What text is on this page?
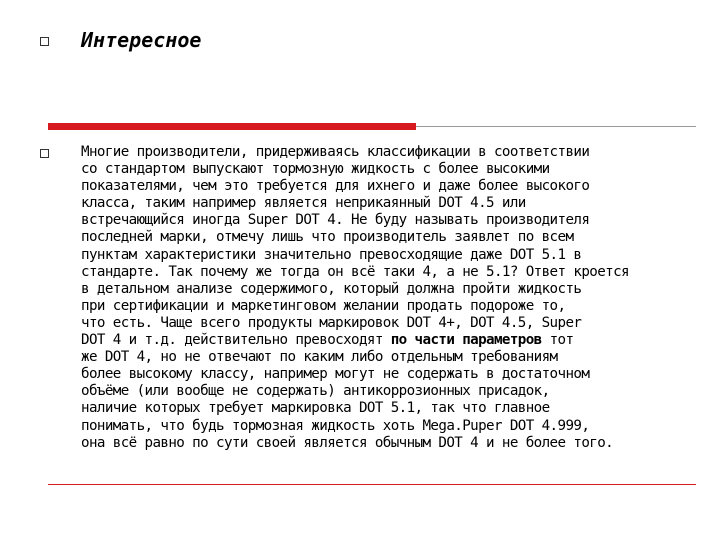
Интересное
Многие производители, придерживаясь классификации в соответствии
со стандартом выпускают тормозную жидкость с более высокими
показателями, чем это требуется для ихнего и даже более высокого
класса, таким например является неприкаянный DOT 4.5 или
встречающийся иногда Super DOT 4. Не буду называть производителя
последней марки, отмечу лишь что производитель заявлет по всем
пунктам характеристики значительно превосходящие даже DOT 5.1 в
стандарте. Так почему же тогда он всё таки 4, а не 5.1? Ответ кроется
в детальном анализе содержимого, который должна пройти жидкость
при сертификации и маркетинговом желании продать подороже то,
что есть. Чаще всего продукты маркировок DOT 4+, DOT 4.5, Super
DOT 4 и т.д. действительно превосходят по части параметров тот
же DOT 4, но не отвечают по каким либо отдельным требованиям
более высокому классу, например могут не содержать в достаточном
объёме (или вообще не содержать) антикоррозионных присадок,
наличие которых требует маркировка DOT 5.1, так что главное
понимать, что будь тормозная жидкость хоть Mega.Puper DOT 4.999,
она всё равно по сути своей является обычным DOT 4 и не более того.
